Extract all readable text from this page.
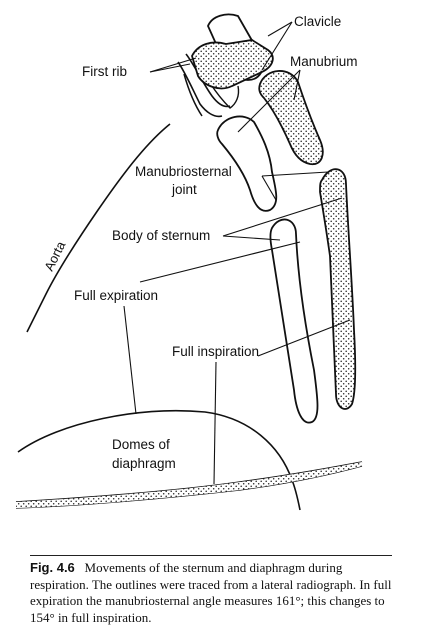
Clavicle
First rib
Manubrium
Manubriosternal
joint
Body of sternum
Aorta
Full expiration
Full inspiration
Domes of
diaphragm

Fig. 4.6 Movements of the sternum and diaphragm during respiration. The outlines were traced from a lateral radiograph. In full expiration the manubriosternal angle measures 161°; this changes to 154° in full inspiration.
